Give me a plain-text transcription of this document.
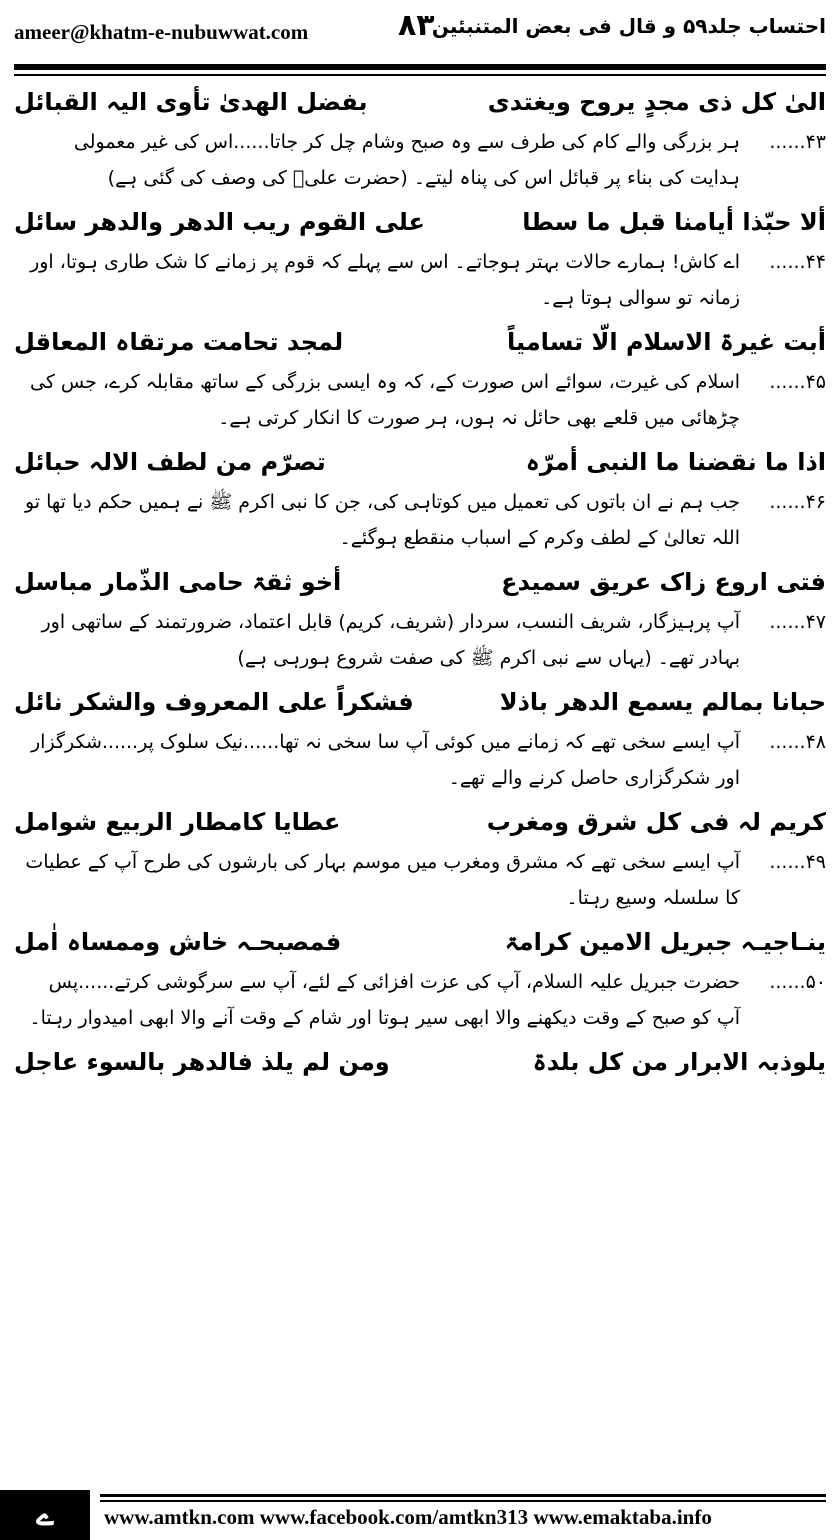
ameer@khatm-e-nubuwwat.com	۸۳
احتساب جلد۵۹ و قال فی بعض المتنبئین
الیٰ کل ذی مجدٍ یروح ویغتدی
بفضل الھدیٰ تأوی الیہ القبائل
۴۳......
ہر بزرگی والے کام کی طرف سے وہ صبح وشام چل کر جاتا......اس کی غیر معمولی ہدایت کی بناء پر قبائل اس کی پناہ لیتے۔ (حضرت علیؓ کی وصف کی گئی ہے)
ألا حبّذا أیامنا قبل ما سطا
علی القوم ریب الدھر والدھر سائل
۴۴......
اے کاش! ہمارے حالات بہتر ہوجاتے۔ اس سے پہلے کہ قوم پر زمانے کا شک طاری ہوتا، اور زمانہ تو سوالی ہوتا ہے۔
أبت غیرۃ الاسلام الّا تسامیاً
لمجد تحامت مرتقاہ المعاقل
۴۵......
اسلام کی غیرت، سوائے اس صورت کے، کہ وہ ایسی بزرگی کے ساتھ مقابلہ کرے، جس کی چڑھائی میں قلعے بھی حائل نہ ہوں، ہر صورت کا انکار کرتی ہے۔
اذا ما نقضنا ما النبی أمرّہ
تصرّم من لطف الالہ حبائل
۴۶......
جب ہم نے ان باتوں کی تعمیل میں کوتاہی کی، جن کا نبی اکرم ﷺ نے ہمیں حکم دیا تھا تو اللہ تعالیٰ کے لطف وکرم کے اسباب منقطع ہوگئے۔
فتی اروع زاک عریق سمیدع
أخو ثقۃ حامی الذّمار مباسل
۴۷......
آپ پرہیزگار، شریف النسب، سردار (شریف، کریم) قابل اعتماد، ضرورتمند کے ساتھی اور بہادر تھے۔ (یہاں سے نبی اکرم ﷺ کی صفت شروع ہورہی ہے)
حبانا بمالم یسمع الدھر باذلا
فشکراً علی المعروف والشکر نائل
۴۸......
آپ ایسے سخی تھے کہ زمانے میں کوئی آپ سا سخی نہ تھا......نیک سلوک پر......شکرگزار اور شکرگزاری حاصل کرنے والے تھے۔
کریم لہ فی کل شرق ومغرب
عطایا کامطار الربیع شوامل
۴۹......
آپ ایسے سخی تھے کہ مشرق ومغرب میں موسم بہار کی بارشوں کی طرح آپ کے عطیات کا سلسلہ وسیع رہتا۔
ینـاجیـہ جبریل الامین کرامۃ
فمصبحـہ خاش وممساہ اٰمل
۵۰......
حضرت جبریل علیہ السلام، آپ کی عزت افزائی کے لئے، آپ سے سرگوشی کرتے......پس آپ کو صبح کے وقت دیکھنے والا ابھی سیر ہوتا اور شام کے وقت آنے والا ابھی امیدوار رہتا۔
یلوذبہ الابرار من کل بلدۃ
ومن لم یلذ فالدھر بالسوء عاجل
ے	www.amtkn.com www.facebook.com/amtkn313 www.emaktaba.info
